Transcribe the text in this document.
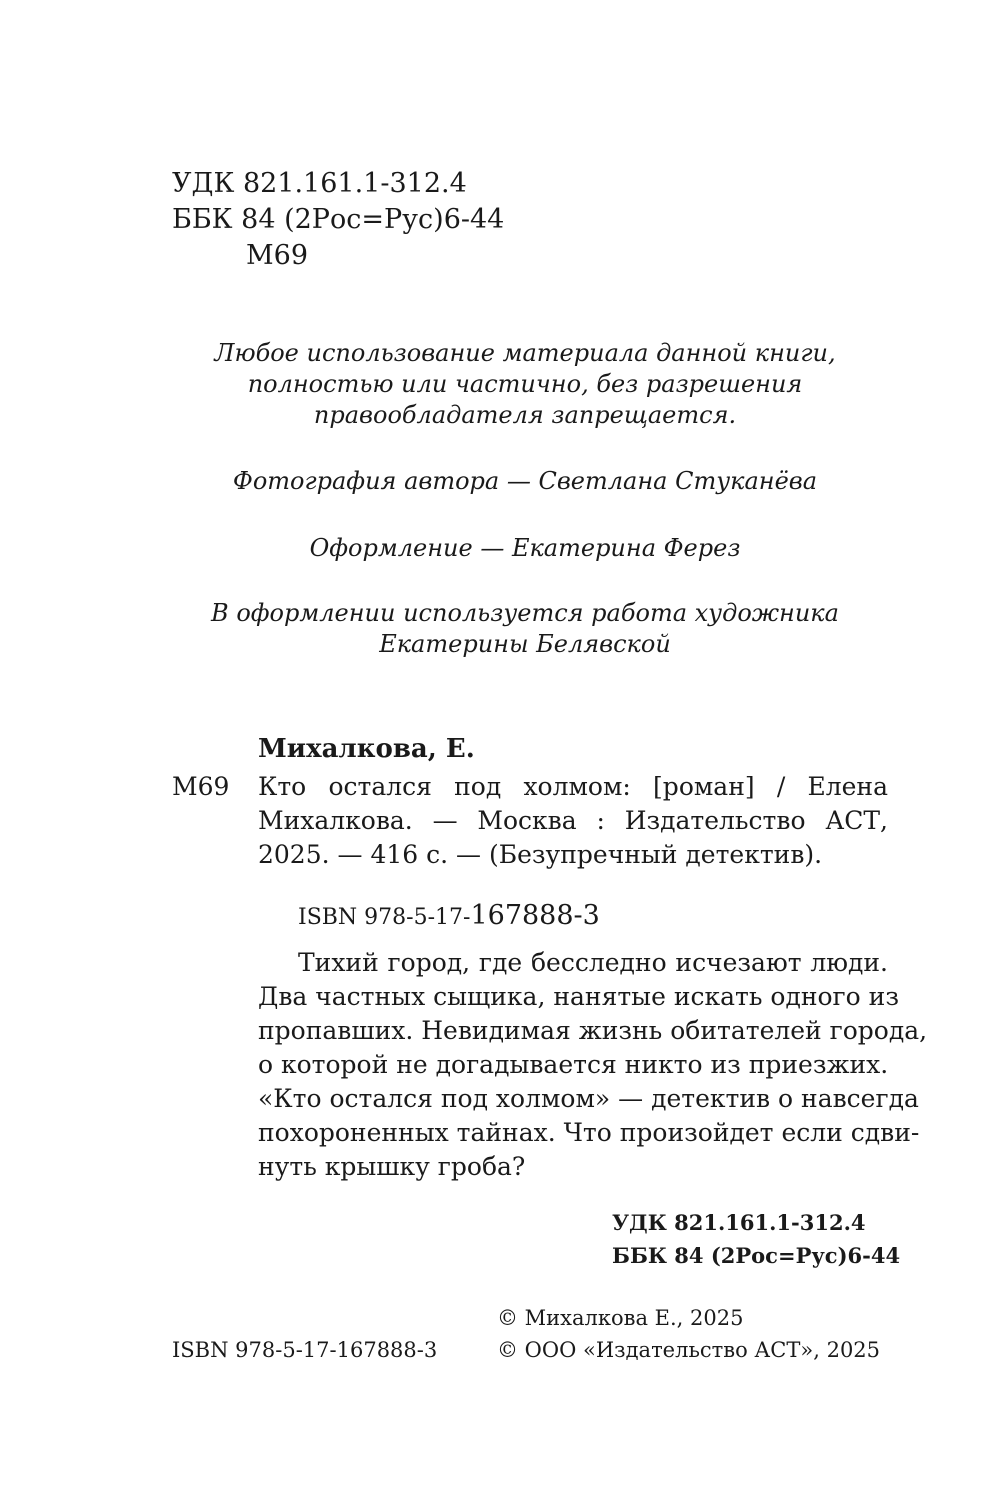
УДК 821.161.1-312.4
ББК 84 (2Рос=Рус)6-44
М69
Любое использование материала данной книги,
полностью или частично, без разрешения
правообладателя запрещается.
Фотография автора — Светлана Стуканёва
Оформление — Екатерина Ферез
В оформлении используется работа художника
Екатерины Белявской
Михалкова, Е.
М69 Кто остался под холмом: [роман] / Елена
Михалкова. — Москва : Издательство АСТ,
2025. — 416 с. — (Безупречный детектив).
ISBN 978-5-17-167888-3
Тихий город, где бесследно исчезают люди.
Два частных сыщика, нанятые искать одного из
пропавших. Невидимая жизнь обитателей города,
о которой не догадывается никто из приезжих.
«Кто остался под холмом» — детектив о навсегда
похороненных тайнах. Что произойдет если сдви-
нуть крышку гроба?
УДК 821.161.1-312.4
ББК 84 (2Рос=Рус)6-44
© Михалкова Е., 2025
ISBN 978-5-17-167888-3	© ООО «Издательство АСТ», 2025
